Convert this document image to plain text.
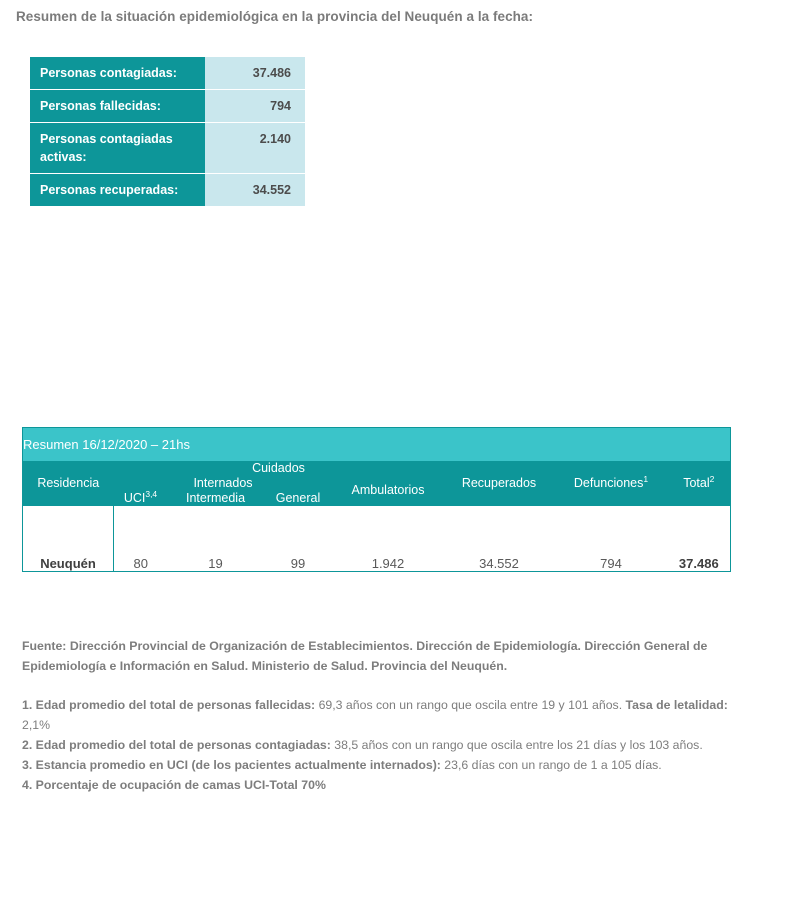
Resumen de la situación epidemiológica en la provincia del Neuquén a la fecha:
Personas contagiadas:	37.486
Personas fallecidas:	794
Personas contagiadas activas:	2.140
Personas recuperadas:	34.552
Resumen 16/12/2020 – 21hs							
Residencia	Cuidados				Recuperados	Defunciones$^1$	Total$^2$
	Internados			Ambulatorios			
	UCI$^{3,4}$	Intermedia	General				
Neuquén	80	19	99	1.942	34.552	794	37.486

Fuente: Dirección Provincial de Organización de Establecimientos. Dirección de Epidemiología. Dirección General de Epidemiología e Información en Salud. Ministerio de Salud. Provincia del Neuquén.

1. Edad promedio del total de personas fallecidas: 69,3 años con un rango que oscila entre 19 y 101 años. Tasa de letalidad: 2,1%

2. Edad promedio del total de personas contagiadas: 38,5 años con un rango que oscila entre los 21 días y los 103 años.

3. Estancia promedio en UCI (de los pacientes actualmente internados): 23,6 días con un rango de 1 a 105 días.

4. Porcentaje de ocupación de camas UCI-Total 70%
